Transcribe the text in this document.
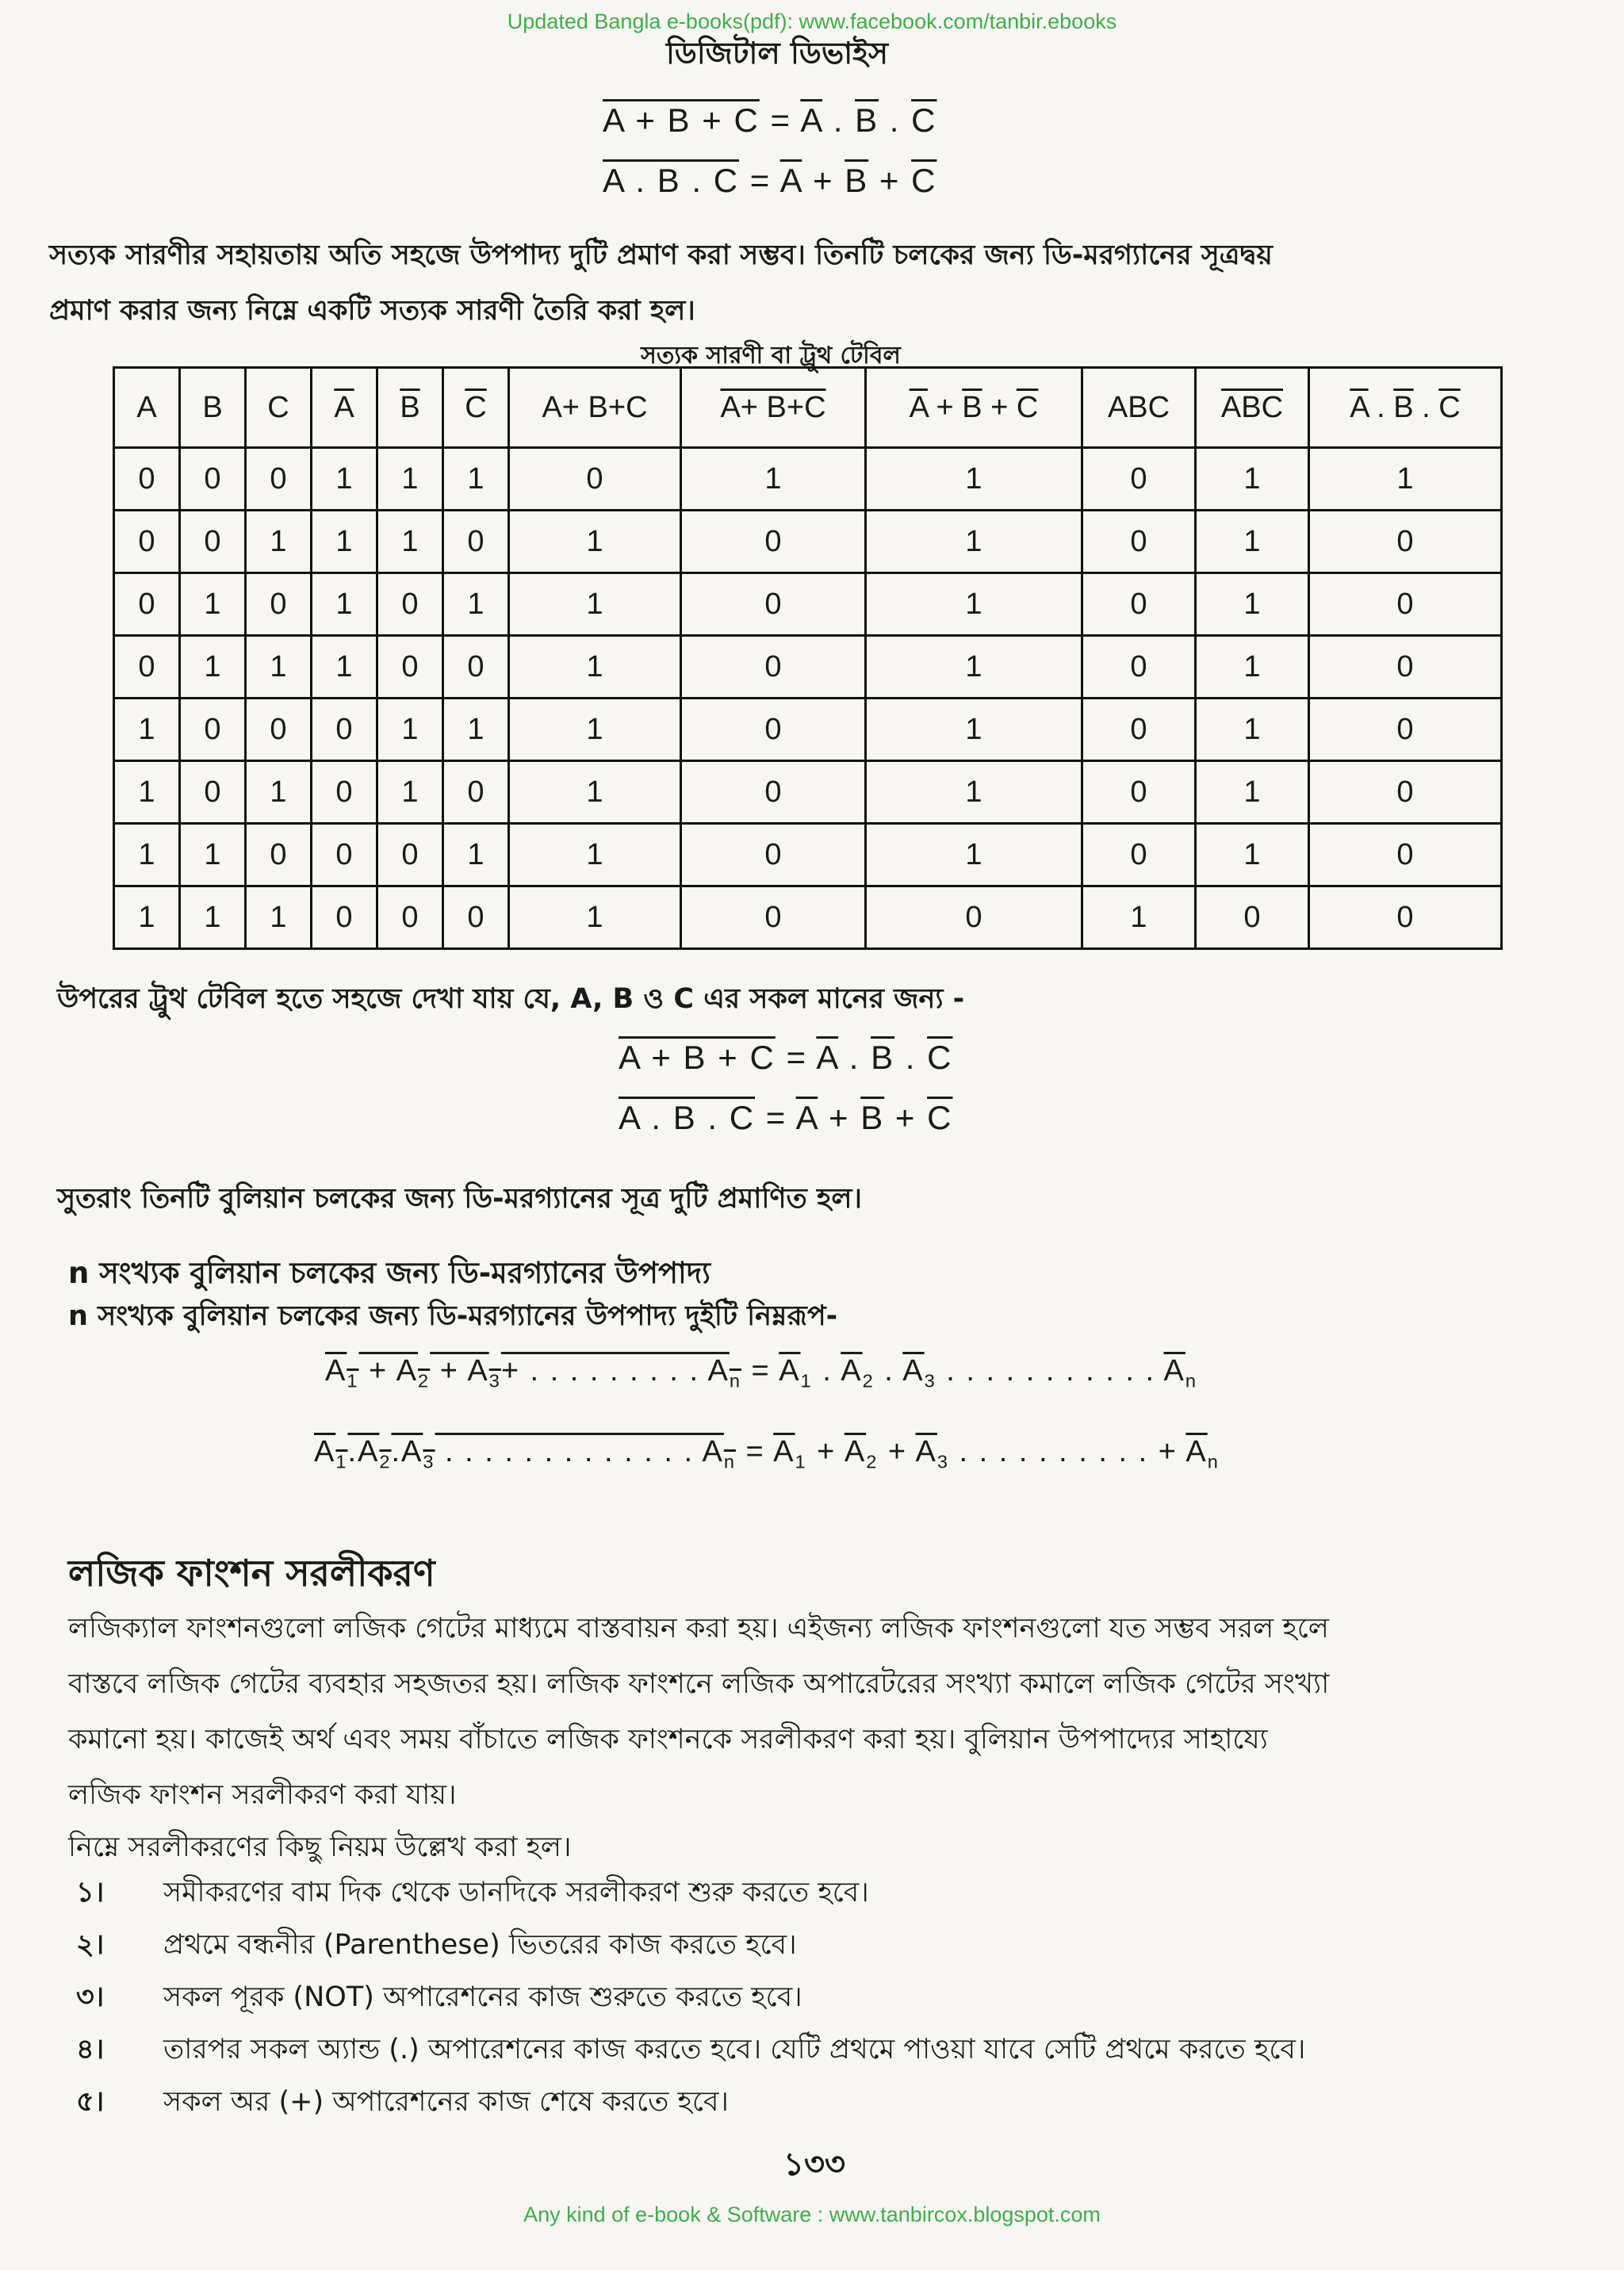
Updated Bangla e-books(pdf): www.facebook.com/tanbir.ebooks
ডিজিটাল ডিভাইস
$A + B + C = \overline{A}$ . $\overline{B}$ . $\overline{C}$
A . B . $C = \overline{A} + \overline{B} + \overline{C}$
সত্যক সারণীর সহায়তায় অতি সহজে উপপাদ্য দুটি প্রমাণ করা সম্ভব। তিনটি চলকের জন্য ডি-মরগ্যানের সূত্রদ্বয়
প্রমাণ করার জন্য নিম্নে একটি সত্যক সারণী তৈরি করা হল।
সত্যক সারণী বা ট্রুথ টেবিল
A	B	C	$\overline{A}$	$\overline{B}$	$\overline{C}$	A+ B+C	A+ B+C	$\overline{A} + \overline{B} + \overline{C}$	ABC	$\overline{ABC}$	$\overline{A}$ . $\overline{B}$ . $\overline{C}$
0	0	0	1	1	1	0	1	1	0	1	1
0	0	1	1	1	0	1	0	1	0	1	0
0	1	0	1	0	1	1	0	1	0	1	0
0	1	1	1	0	0	1	0	1	0	1	0
1	0	0	0	1	1	1	0	1	0	1	0
1	0	1	0	1	0	1	0	1	0	1	0
1	1	0	0	0	1	1	0	1	0	1	0
1	1	1	0	0	0	1	0	0	1	0	0
উপরের ট্রুথ টেবিল হতে সহজে দেখা যায় যে, A, B ও C এর সকল মানের জন্য -
$A + B + C = \overline{A}$ . $\overline{B}$ . $\overline{C}$
A . B . $C = \overline{A} + \overline{B} + \overline{C}$
সুতরাং তিনটি বুলিয়ান চলকের জন্য ডি-মরগ্যানের সূত্র দুটি প্রমাণিত হল।
n সংখ্যক বুলিয়ান চলকের জন্য ডি-মরগ্যানের উপপাদ্য
n সংখ্যক বুলিয়ান চলকের জন্য ডি-মরগ্যানের উপপাদ্য দুইটি নিম্নরূপ-
$A_1 + A_2 + A_3+$ . . . . . . . . . $A_n = \overline{A}_1$ . $\overline{A}_2$ . $\overline{A}_3$ . . . . . . . . . . . $\overline{A}_n$
$A_1.A_2.A_3$ . . . . . . . . . . . . . $A_n = \overline{A}_1 + \overline{A}_2 + \overline{A}_3$ . . . . . . . . . . + $\overline{A}_n$
লজিক ফাংশন সরলীকরণ
লজিক্যাল ফাংশনগুলো লজিক গেটের মাধ্যমে বাস্তবায়ন করা হয়। এইজন্য লজিক ফাংশনগুলো যত সম্ভব সরল হলে
বাস্তবে লজিক গেটের ব্যবহার সহজতর হয়। লজিক ফাংশনে লজিক অপারেটরের সংখ্যা কমালে লজিক গেটের সংখ্যা
কমানো হয়। কাজেই অর্থ এবং সময় বাঁচাতে লজিক ফাংশনকে সরলীকরণ করা হয়। বুলিয়ান উপপাদ্যের সাহায্যে
লজিক ফাংশন সরলীকরণ করা যায়।
নিম্নে সরলীকরণের কিছু নিয়ম উল্লেখ করা হল।
১। সমীকরণের বাম দিক থেকে ডানদিকে সরলীকরণ শুরু করতে হবে।
২। প্রথমে বন্ধনীর (Parenthese) ভিতরের কাজ করতে হবে।
৩। সকল পূরক (NOT) অপারেশনের কাজ শুরুতে করতে হবে।
৪। তারপর সকল অ্যান্ড (.) অপারেশনের কাজ করতে হবে। যেটি প্রথমে পাওয়া যাবে সেটি প্রথমে করতে হবে।
৫। সকল অর (+) অপারেশনের কাজ শেষে করতে হবে।
১৩৩
Any kind of e-book & Software : www.tanbircox.blogspot.com
